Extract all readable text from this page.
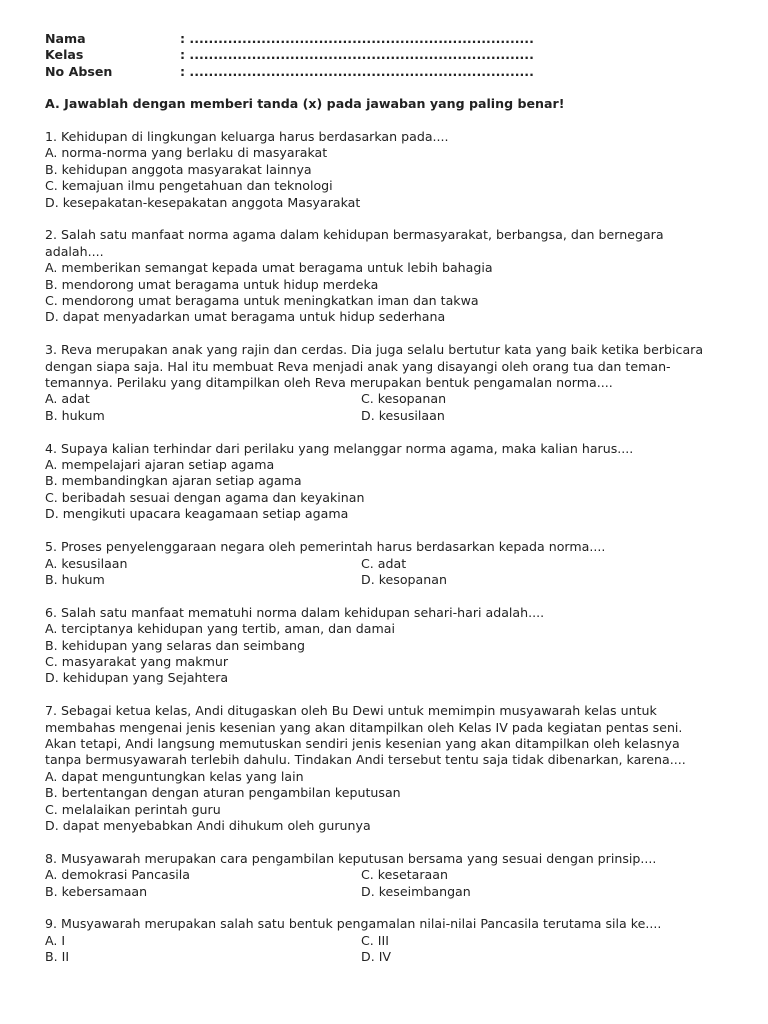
Nama	: ........................................................................
Kelas	: ........................................................................
No Absen	: ........................................................................
A. Jawablah dengan memberi tanda (x) pada jawaban yang paling benar!
1. Kehidupan di lingkungan keluarga harus berdasarkan pada....
A. norma-norma yang berlaku di masyarakat
B. kehidupan anggota masyarakat lainnya
C. kemajuan ilmu pengetahuan dan teknologi
D. kesepakatan-kesepakatan anggota Masyarakat
2. Salah satu manfaat norma agama dalam kehidupan bermasyarakat, berbangsa, dan bernegara
adalah....
A. memberikan semangat kepada umat beragama untuk lebih bahagia
B. mendorong umat beragama untuk hidup merdeka
C. mendorong umat beragama untuk meningkatkan iman dan takwa
D. dapat menyadarkan umat beragama untuk hidup sederhana
3. Reva merupakan anak yang rajin dan cerdas. Dia juga selalu bertutur kata yang baik ketika berbicara
dengan siapa saja. Hal itu membuat Reva menjadi anak yang disayangi oleh orang tua dan teman-
temannya. Perilaku yang ditampilkan oleh Reva merupakan bentuk pengamalan norma....
A. adat	C. kesopanan
B. hukum	D. kesusilaan
4. Supaya kalian terhindar dari perilaku yang melanggar norma agama, maka kalian harus....
A. mempelajari ajaran setiap agama
B. membandingkan ajaran setiap agama
C. beribadah sesuai dengan agama dan keyakinan
D. mengikuti upacara keagamaan setiap agama
5. Proses penyelenggaraan negara oleh pemerintah harus berdasarkan kepada norma....
A. kesusilaan	C. adat
B. hukum	D. kesopanan
6. Salah satu manfaat mematuhi norma dalam kehidupan sehari-hari adalah....
A. terciptanya kehidupan yang tertib, aman, dan damai
B. kehidupan yang selaras dan seimbang
C. masyarakat yang makmur
D. kehidupan yang Sejahtera
7. Sebagai ketua kelas, Andi ditugaskan oleh Bu Dewi untuk memimpin musyawarah kelas untuk
membahas mengenai jenis kesenian yang akan ditampilkan oleh Kelas IV pada kegiatan pentas seni.
Akan tetapi, Andi langsung memutuskan sendiri jenis kesenian yang akan ditampilkan oleh kelasnya
tanpa bermusyawarah terlebih dahulu. Tindakan Andi tersebut tentu saja tidak dibenarkan, karena....
A. dapat menguntungkan kelas yang lain
B. bertentangan dengan aturan pengambilan keputusan
C. melalaikan perintah guru
D. dapat menyebabkan Andi dihukum oleh gurunya
8. Musyawarah merupakan cara pengambilan keputusan bersama yang sesuai dengan prinsip....
A. demokrasi Pancasila	C. kesetaraan
B. kebersamaan	D. keseimbangan
9. Musyawarah merupakan salah satu bentuk pengamalan nilai-nilai Pancasila terutama sila ke....
A. I	C. III
B. II	D. IV
